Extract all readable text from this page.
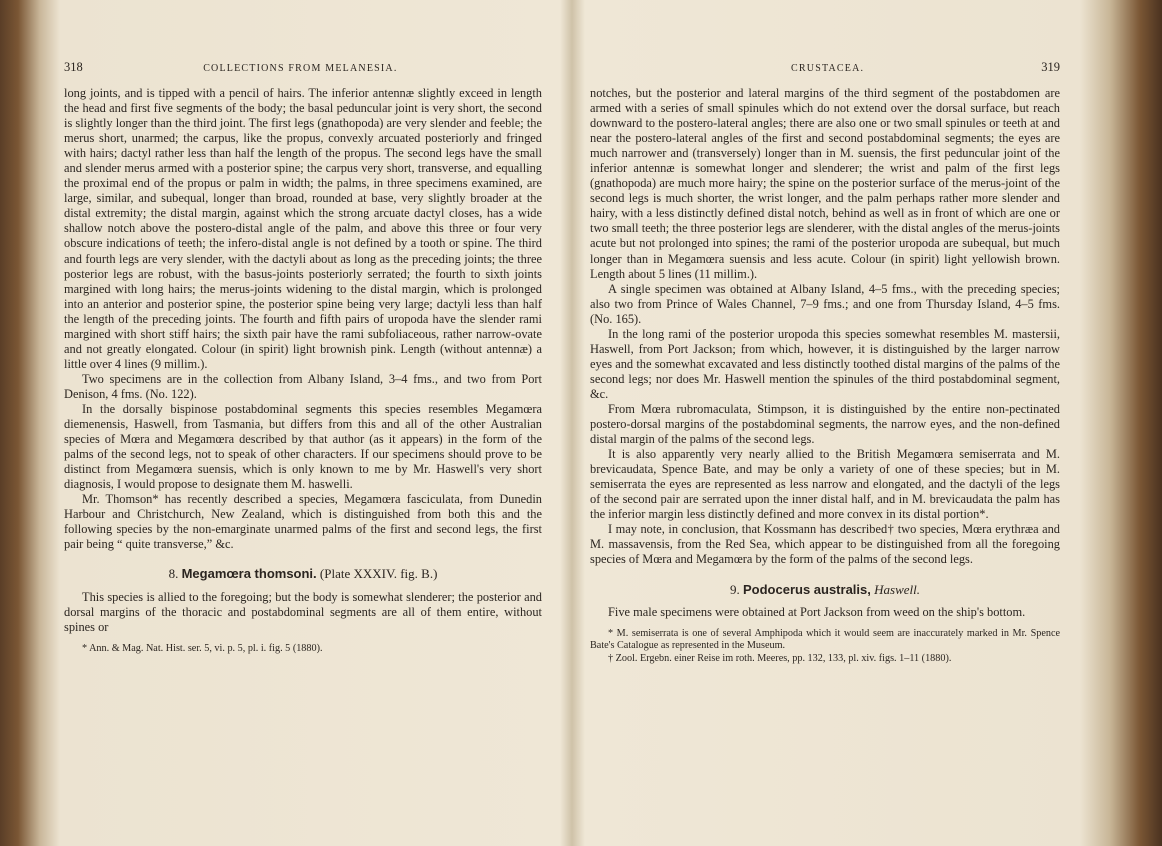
318	COLLECTIONS FROM MELANESIA.

long joints, and is tipped with a pencil of hairs. The inferior antennæ slightly exceed in length the head and first five segments of the body; the basal peduncular joint is very short, the second is slightly longer than the third joint. The first legs (gnathopoda) are very slender and feeble; the merus short, unarmed; the carpus, like the propus, convexly arcuated posteriorly and fringed with hairs; dactyl rather less than half the length of the propus. The second legs have the small and slender merus armed with a posterior spine; the carpus very short, transverse, and equalling the proximal end of the propus or palm in width; the palms, in three specimens examined, are large, similar, and subequal, longer than broad, rounded at base, very slightly broader at the distal extremity; the distal margin, against which the strong arcuate dactyl closes, has a wide shallow notch above the postero-distal angle of the palm, and above this three or four very obscure indications of teeth; the infero-distal angle is not defined by a tooth or spine. The third and fourth legs are very slender, with the dactyli about as long as the preceding joints; the three posterior legs are robust, with the basus-joints posteriorly serrated; the fourth to sixth joints margined with long hairs; the merus-joints widening to the distal margin, which is prolonged into an anterior and posterior spine, the posterior spine being very large; dactyli less than half the length of the preceding joints. The fourth and fifth pairs of uropoda have the slender rami margined with short stiff hairs; the sixth pair have the rami subfoliaceous, rather narrow-ovate and not greatly elongated. Colour (in spirit) light brownish pink. Length (without antennæ) a little over 4 lines (9 millim.).

Two specimens are in the collection from Albany Island, 3–4 fms., and two from Port Denison, 4 fms. (No. 122).

In the dorsally bispinose postabdominal segments this species resembles Megamœra diemenensis, Haswell, from Tasmania, but differs from this and all of the other Australian species of Mœra and Megamœra described by that author (as it appears) in the form of the palms of the second legs, not to speak of other characters. If our specimens should prove to be distinct from Megamœra suensis, which is only known to me by Mr. Haswell's very short diagnosis, I would propose to designate them M. haswelli.

Mr. Thomson* has recently described a species, Megamœra fasciculata, from Dunedin Harbour and Christchurch, New Zealand, which is distinguished from both this and the following species by the non-emarginate unarmed palms of the first and second legs, the first pair being “ quite transverse,” &c.

8. Megamœra thomsoni. (Plate XXXIV. fig. B.)

This species is allied to the foregoing; but the body is somewhat slenderer; the posterior and dorsal margins of the thoracic and postabdominal segments are all of them entire, without spines or

* Ann. & Mag. Nat. Hist. ser. 5, vi. p. 5, pl. i. fig. 5 (1880).

CRUSTACEA.	319

notches, but the posterior and lateral margins of the third segment of the postabdomen are armed with a series of small spinules which do not extend over the dorsal surface, but reach downward to the postero-lateral angles; there are also one or two small spinules or teeth at and near the postero-lateral angles of the first and second postabdominal segments; the eyes are much narrower and (transversely) longer than in M. suensis, the first peduncular joint of the inferior antennæ is somewhat longer and slenderer; the wrist and palm of the first legs (gnathopoda) are much more hairy; the spine on the posterior surface of the merus-joint of the second legs is much shorter, the wrist longer, and the palm perhaps rather more slender and hairy, with a less distinctly defined distal notch, behind as well as in front of which are one or two small teeth; the three posterior legs are slenderer, with the distal angles of the merus-joints acute but not prolonged into spines; the rami of the posterior uropoda are subequal, but much longer than in Megamœra suensis and less acute. Colour (in spirit) light yellowish brown. Length about 5 lines (11 millim.).

A single specimen was obtained at Albany Island, 4–5 fms., with the preceding species; also two from Prince of Wales Channel, 7–9 fms.; and one from Thursday Island, 4–5 fms. (No. 165).

In the long rami of the posterior uropoda this species somewhat resembles M. mastersii, Haswell, from Port Jackson; from which, however, it is distinguished by the larger narrow eyes and the somewhat excavated and less distinctly toothed distal margins of the palms of the second legs; nor does Mr. Haswell mention the spinules of the third postabdominal segment, &c.

From Mœra rubromaculata, Stimpson, it is distinguished by the entire non-pectinated postero-dorsal margins of the postabdominal segments, the narrow eyes, and the non-defined distal margin of the palms of the second legs.

It is also apparently very nearly allied to the British Megamœra semiserrata and M. brevicaudata, Spence Bate, and may be only a variety of one of these species; but in M. semiserrata the eyes are represented as less narrow and elongated, and the dactyli of the legs of the second pair are serrated upon the inner distal half, and in M. brevicaudata the palm has the inferior margin less distinctly defined and more convex in its distal portion*.

I may note, in conclusion, that Kossmann has described† two species, Mœra erythræa and M. massavensis, from the Red Sea, which appear to be distinguished from all the foregoing species of Mœra and Megamœra by the form of the palms of the second legs.

9. Podocerus australis, Haswell.

Five male specimens were obtained at Port Jackson from weed on the ship's bottom.

* M. semiserrata is one of several Amphipoda which it would seem are inaccurately marked in Mr. Spence Bate's Catalogue as represented in the Museum.

† Zool. Ergebn. einer Reise im roth. Meeres, pp. 132, 133, pl. xiv. figs. 1–11 (1880).
